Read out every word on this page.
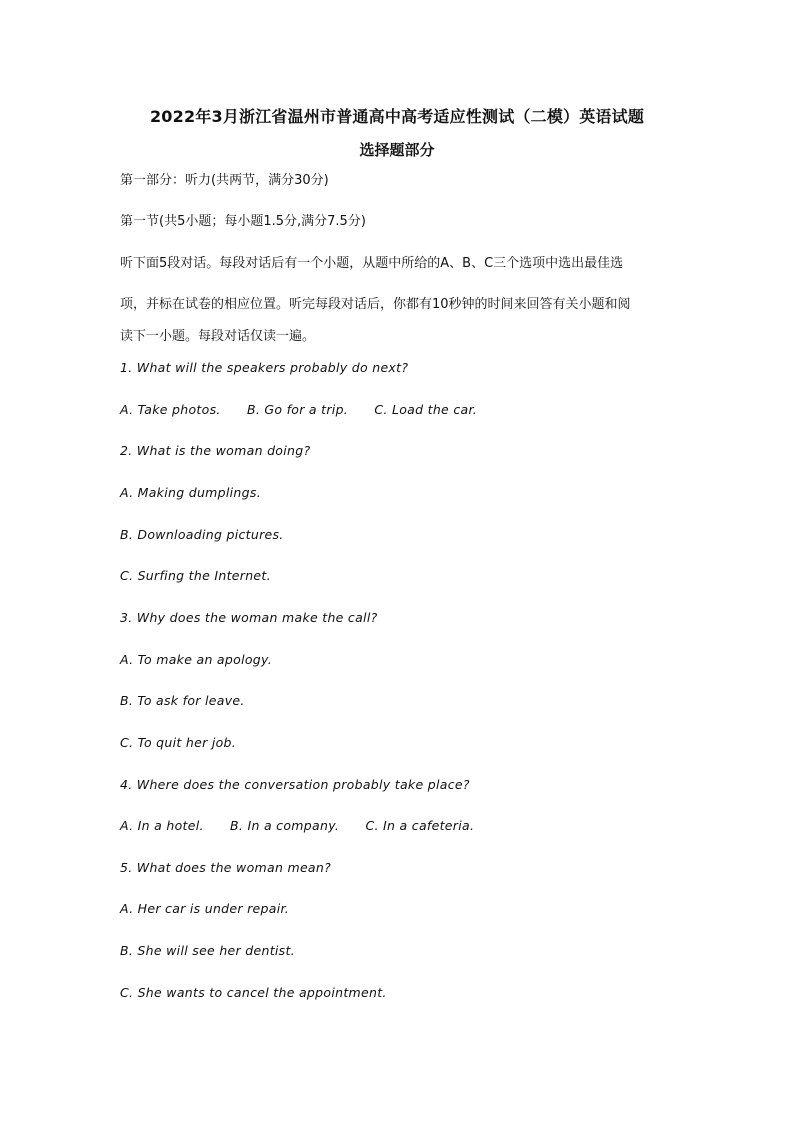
2022年3月浙江省温州市普通高中高考适应性测试（二模）英语试题
选择题部分
第一部分：听力(共两节，满分30分)
第一节(共5小题；每小题1.5分,满分7.5分)
听下面5段对话。每段对话后有一个小题，从题中所给的A、B、C三个选项中选出最佳选
项，并标在试卷的相应位置。听完每段对话后，你都有10秒钟的时间来回答有关小题和阅
读下一小题。每段对话仅读一遍。
1. What will the speakers probably do next?
A. Take photos. B. Go for a trip. C. Load the car.
2. What is the woman doing?
A. Making dumplings.
B. Downloading pictures.
C. Surfing the Internet.
3. Why does the woman make the call?
A. To make an apology.
B. To ask for leave.
C. To quit her job.
4. Where does the conversation probably take place?
A. In a hotel. B. In a company. C. In a cafeteria.
5. What does the woman mean?
A. Her car is under repair.
B. She will see her dentist.
C. She wants to cancel the appointment.
